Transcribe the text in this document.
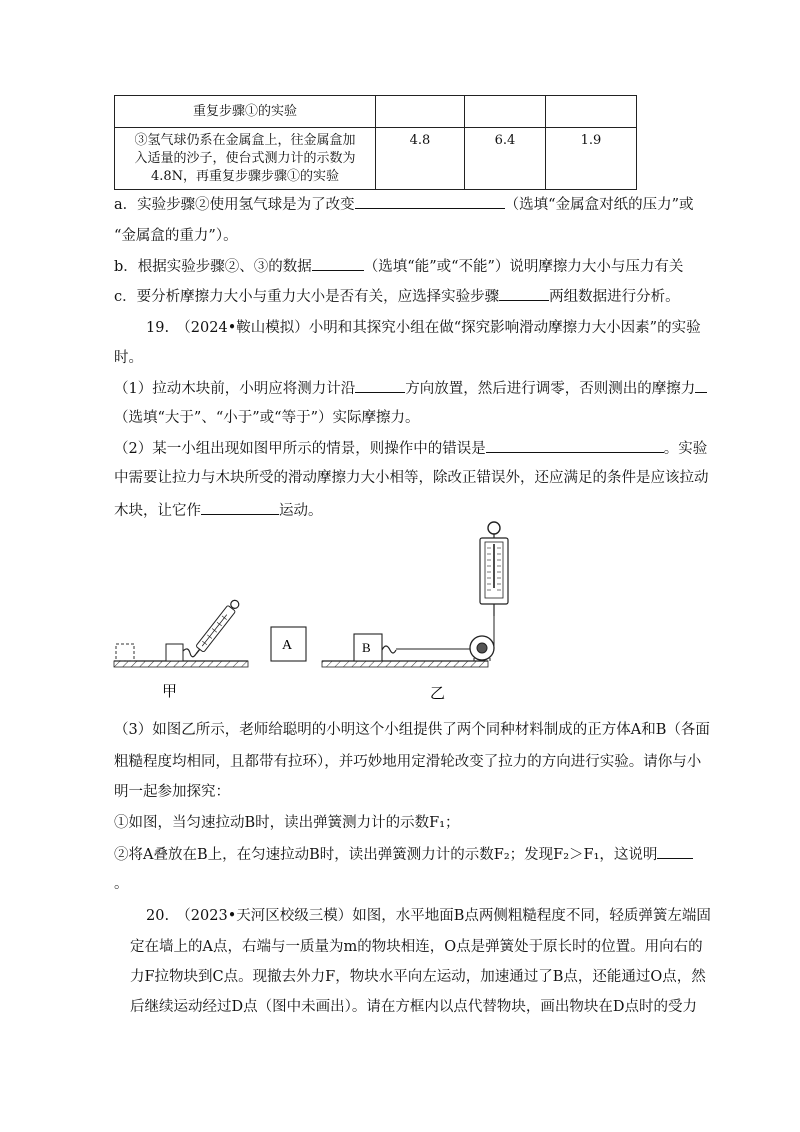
重复步骤①的实验			

③氢气球仍系在金属盒上，往金属盒加
入适量的沙子，使台式测力计的示数为
4.8N，再重复步骤步骤①的实验	4.8	6.4	1.9
a．实验步骤②使用氢气球是为了改变	（选填“金属盒对纸的压力”或
“金属盒的重力”）。
b．根据实验步骤②、③的数据	（选填“能”或“不能”）说明摩擦力大小与压力有关
c．要分析摩擦力大小与重力大小是否有关，应选择实验步骤	两组数据进行分析。
19.　（2024•鞍山模拟）小明和其探究小组在做“探究影响滑动摩擦力大小因素”的实验
时。
（1）拉动木块前，小明应将测力计沿	方向放置，然后进行调零，否则测出的摩擦力
（选填“大于”、“小于”或“等于”）实际摩擦力。
（2）某一小组出现如图甲所示的情景，则操作中的错误是	。实验
中需要让拉力与木块所受的滑动摩擦力大小相等，除改正错误外，还应满足的条件是应该拉动
木块，让它作	运动。
A	B
甲	乙
（3）如图乙所示，老师给聪明的小明这个小组提供了两个同种材料制成的正方体A和B（各面
粗糙程度均相同，且都带有拉环），并巧妙地用定滑轮改变了拉力的方向进行实验。请你与小
明一起参加探究：
①如图，当匀速拉动B时，读出弹簧测力计的示数F₁；
②将A叠放在B上，在匀速拉动B时，读出弹簧测力计的示数F₂；发现F₂＞F₁，这说明
。
20.　（2023•天河区校级三模）如图，水平地面B点两侧粗糙程度不同，轻质弹簧左端固
定在墙上的A点，右端与一质量为m的物块相连，O点是弹簧处于原长时的位置。用向右的
力F拉物块到C点。现撤去外力F，物块水平向左运动，加速通过了B点，还能通过O点，然
后继续运动经过D点（图中未画出）。请在方框内以点代替物块，画出物块在D点时的受力
